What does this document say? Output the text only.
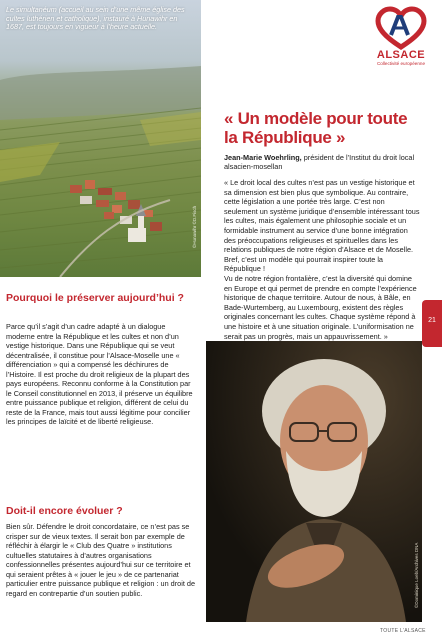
Le simultanéum (accueil au sein d’une même église des cultes luthérien et catholique), instauré à Hunawihr en 1687, est toujours en vigueur à l’heure actuelle.
©Hunawihr ©D.Fisch
ALSACE
Collectivité européenne
« Un modèle pour toute la République »
Jean-Marie Woehrling, président de l’Institut du droit local alsacien-mosellan

« Le droit local des cultes n’est pas un vestige historique et sa dimension est bien plus que symbolique. Au contraire, cette législation a une portée très large. C’est non seulement un système juridique d’ensemble intéressant tous les cultes, mais également une philosophie sociale et un formidable instrument au service d’une bonne intégration des préoccupations religieuses et spirituelles dans les relations publiques de notre région d’Alsace et de Moselle. Bref, c’est un modèle qui pourrait inspirer toute la République !

Vu de notre région frontalière, c’est la diversité qui domine en Europe et qui permet de prendre en compte l’expérience historique de chaque territoire. Autour de nous, à Bâle, en Bade-Wurtemberg, au Luxembourg, existent des règles originales concernant les cultes. Chaque système répond à une histoire et à une situation originale. L’uniformisation ne serait pas un progrès, mais un appauvrissement. »

21
Pourquoi le préserver aujourd’hui ?
Parce qu’il s’agit d’un cadre adapté à un dialogue moderne entre la République et les cultes et non d’un vestige historique. Dans une République qui se veut décentralisée, il constitue pour l’Alsace-Moselle une « différenciation » qui a compensé les déchirures de l’Histoire. Il est proche du droit religieux de la plupart des pays européens. Reconnu conforme à la Constitution par le Conseil constitutionnel en 2013, il préserve un équilibre entre puissance publique et religion, différent de celui du reste de la France, mais tout aussi légitime pour concilier les principes de laïcité et de liberté religieuse.
Doit-il encore évoluer ?
Bien sûr. Défendre le droit concordataire, ce n’est pas se crisper sur de vieux textes. Il serait bon par exemple de réfléchir à élargir le « Club des Quatre » institutions cultuelles statutaires à d’autres organisations confessionnelles présentes aujourd’hui sur ce territoire et qui seraient prêtes à « jouer le jeu » de ce partenariat particulier entre puissance publique et religion : un droit de regard en contrepartie d’un soutien public.	©Dominique Loeb/Archives DNA
TOUTE L’ALSACE
